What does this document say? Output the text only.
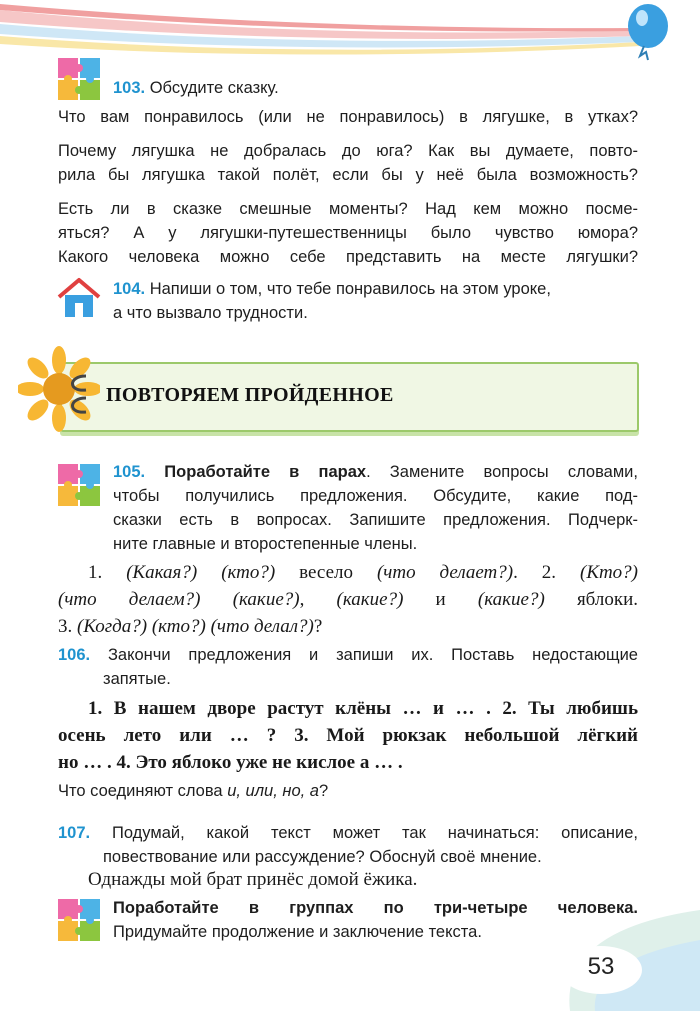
103. Обсудите сказку.

Что вам понравилось (или не понравилось) в лягушке, в утках?

Почему лягушка не добралась до юга? Как вы думаете, повто-

рила бы лягушка такой полёт, если бы у неё была возможность?

Есть ли в сказке смешные моменты? Над кем можно посме-

яться? А у лягушки-путешественницы было чувство юмора?

Какого человека можно себе представить на месте лягушки?

104. Напиши о том, что тебе понравилось на этом уроке,

а что вызвало трудности.

ПОВТОРЯЕМ ПРОЙДЕННОЕ

105. Поработайте в парах. Замените вопросы словами,

чтобы получились предложения. Обсудите, какие под-

сказки есть в вопросах. Запишите предложения. Подчерк-

ните главные и второстепенные члены.

1. (Какая?) (кто?) весело (что делает?). 2. (Кто?)
(что делаем?) (какие?), (какие?) и (какие?) яблоки.
3. (Когда?) (кто?) (что делал?)?

106. Закончи предложения и запиши их. Поставь недостающие

запятые.

1. В нашем дворе растут клёны … и … . 2. Ты любишь
осень лето или … ? 3. Мой рюкзак небольшой лёгкий
но … . 4. Это яблоко уже не кислое а … .

Что соединяют слова и, или, но, а?

107. Подумай, какой текст может так начинаться: описание,

повествование или рассуждение? Обоснуй своё мнение.

Однажды мой брат принёс домой ёжика.

Поработайте в группах по три-четыре человека.

Придумайте продолжение и заключение текста.

53
